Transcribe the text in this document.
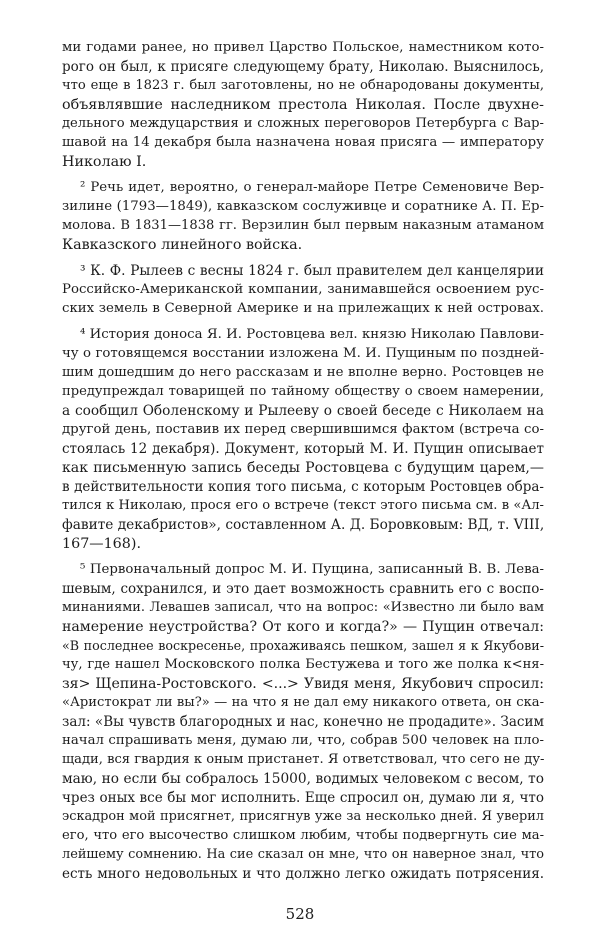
ми годами ранее, но привел Царство Польское, наместником кото-
рого он был, к присяге следующему брату, Николаю. Выяснилось,
что еще в 1823 г. был заготовлены, но не обнародованы документы,
объявлявшие наследником престола Николая. После двухне-
дельного междуцарствия и сложных переговоров Петербурга с Вар-
шавой на 14 декабря была назначена новая присяга — императору
Николаю I.
² Речь идет, вероятно, о генерал-майоре Петре Семеновиче Вер-
зилине (1793—1849), кавказском сослуживце и соратнике А. П. Ер-
молова. В 1831—1838 гг. Верзилин был первым наказным атаманом
Кавказского линейного войска.
³ К. Ф. Рылеев с весны 1824 г. был правителем дел канцелярии
Российско-Американской компании, занимавшейся освоением рус-
ских земель в Северной Америке и на прилежащих к ней островах.
⁴ История доноса Я. И. Ростовцева вел. князю Николаю Павлови-
чу о готовящемся восстании изложена М. И. Пущиным по поздней-
шим дошедшим до него рассказам и не вполне верно. Ростовцев не
предупреждал товарищей по тайному обществу о своем намерении,
а сообщил Оболенскому и Рылееву о своей беседе с Николаем на
другой день, поставив их перед свершившимся фактом (встреча со-
стоялась 12 декабря). Документ, который М. И. Пущин описывает
как письменную запись беседы Ростовцева с будущим царем,—
в действительности копия того письма, с которым Ростовцев обра-
тился к Николаю, прося его о встрече (текст этого письма см. в «Ал-
фавите декабристов», составленном А. Д. Боровковым: ВД, т. VIII,
167—168).
⁵ Первоначальный допрос М. И. Пущина, записанный В. В. Лева-
шевым, сохранился, и это дает возможность сравнить его с воспо-
минаниями. Левашев записал, что на вопрос: «Известно ли было вам
намерение неустройства? От кого и когда?» — Пущин отвечал:
«В последнее воскресенье, прохаживаясь пешком, зашел я к Якубови-
чу, где нашел Московского полка Бестужева и того же полка к<ня-
зя> Щепина-Ростовского. <...> Увидя меня, Якубович спросил:
«Аристократ ли вы?» — на что я не дал ему никакого ответа, он ска-
зал: «Вы чувств благородных и нас, конечно не продадите». Засим
начал спрашивать меня, думаю ли, что, собрав 500 человек на пло-
щади, вся гвардия к оным пристанет. Я ответствовал, что сего не ду-
маю, но если бы собралось 15000, водимых человеком с весом, то
чрез оных все бы мог исполнить. Еще спросил он, думаю ли я, что
эскадрон мой присягнет, присягнув уже за несколько дней. Я уверил
его, что его высочество слишком любим, чтобы подвергнуть сие ма-
лейшему сомнению. На сие сказал он мне, что он наверное знал, что
есть много недовольных и что должно легко ожидать потрясения.
528
